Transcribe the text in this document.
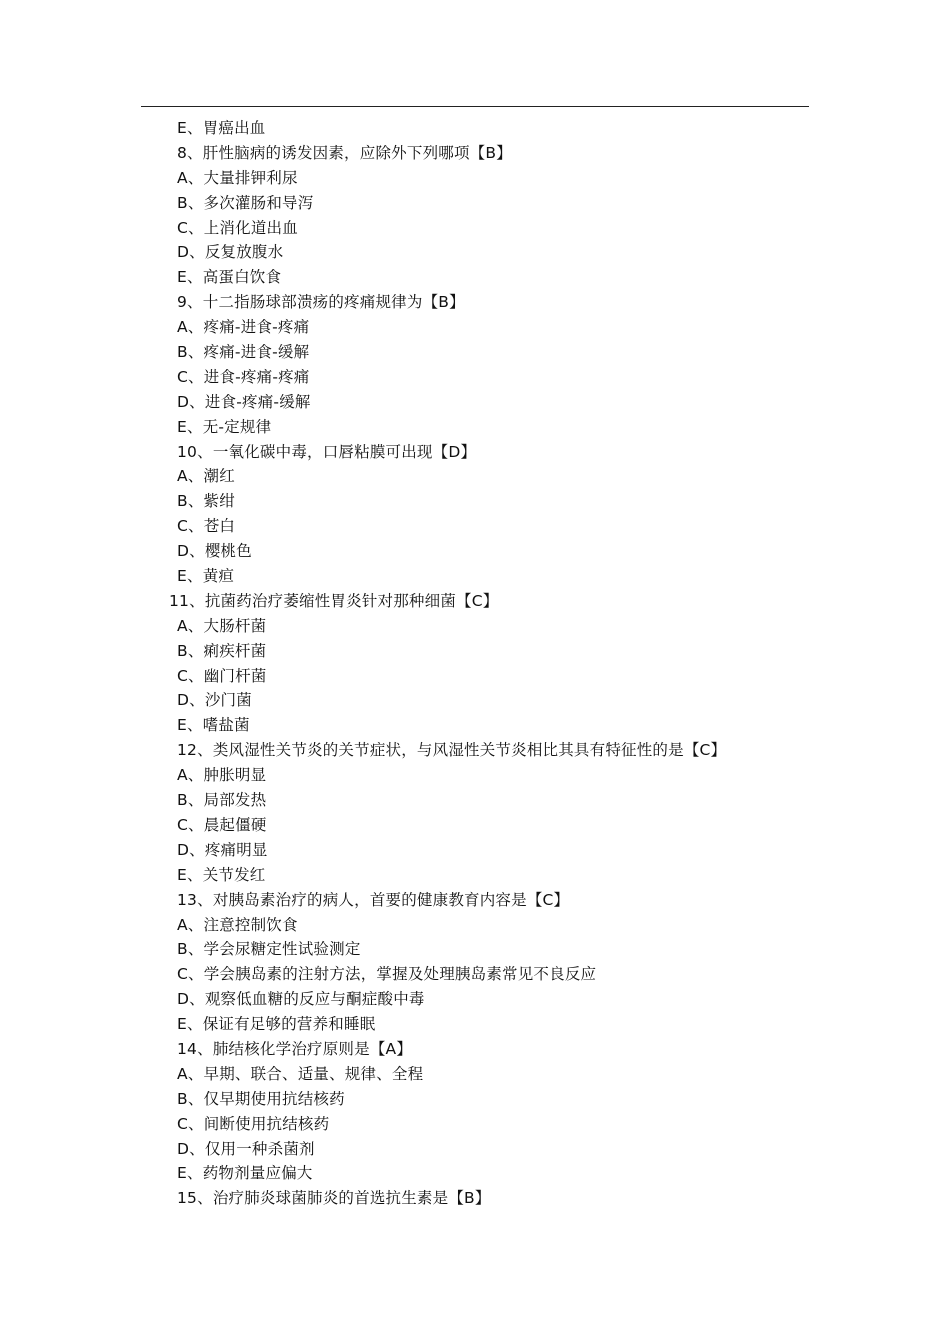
E、胃癌出血
8、肝性脑病的诱发因素，应除外下列哪项【B】
A、大量排钾利尿
B、多次灌肠和导泻
C、上消化道出血
D、反复放腹水
E、高蛋白饮食
9、十二指肠球部溃疡的疼痛规律为【B】
A、疼痛-进食-疼痛
B、疼痛-进食-缓解
C、进食-疼痛-疼痛
D、进食-疼痛-缓解
E、无-定规律
10、一氧化碳中毒，口唇粘膜可出现【D】
A、潮红
B、紫绀
C、苍白
D、樱桃色
E、黄疸
11、抗菌药治疗萎缩性胃炎针对那种细菌【C】
A、大肠杆菌
B、痢疾杆菌
C、幽门杆菌
D、沙门菌
E、嗜盐菌
12、类风湿性关节炎的关节症状，与风湿性关节炎相比其具有特征性的是【C】
A、肿胀明显
B、局部发热
C、晨起僵硬
D、疼痛明显
E、关节发红
13、对胰岛素治疗的病人，首要的健康教育内容是【C】
A、注意控制饮食
B、学会尿糖定性试验测定
C、学会胰岛素的注射方法，掌握及处理胰岛素常见不良反应
D、观察低血糖的反应与酮症酸中毒
E、保证有足够的营养和睡眠
14、肺结核化学治疗原则是【A】
A、早期、联合、适量、规律、全程
B、仅早期使用抗结核药
C、间断使用抗结核药
D、仅用一种杀菌剂
E、药物剂量应偏大
15、治疗肺炎球菌肺炎的首选抗生素是【B】
